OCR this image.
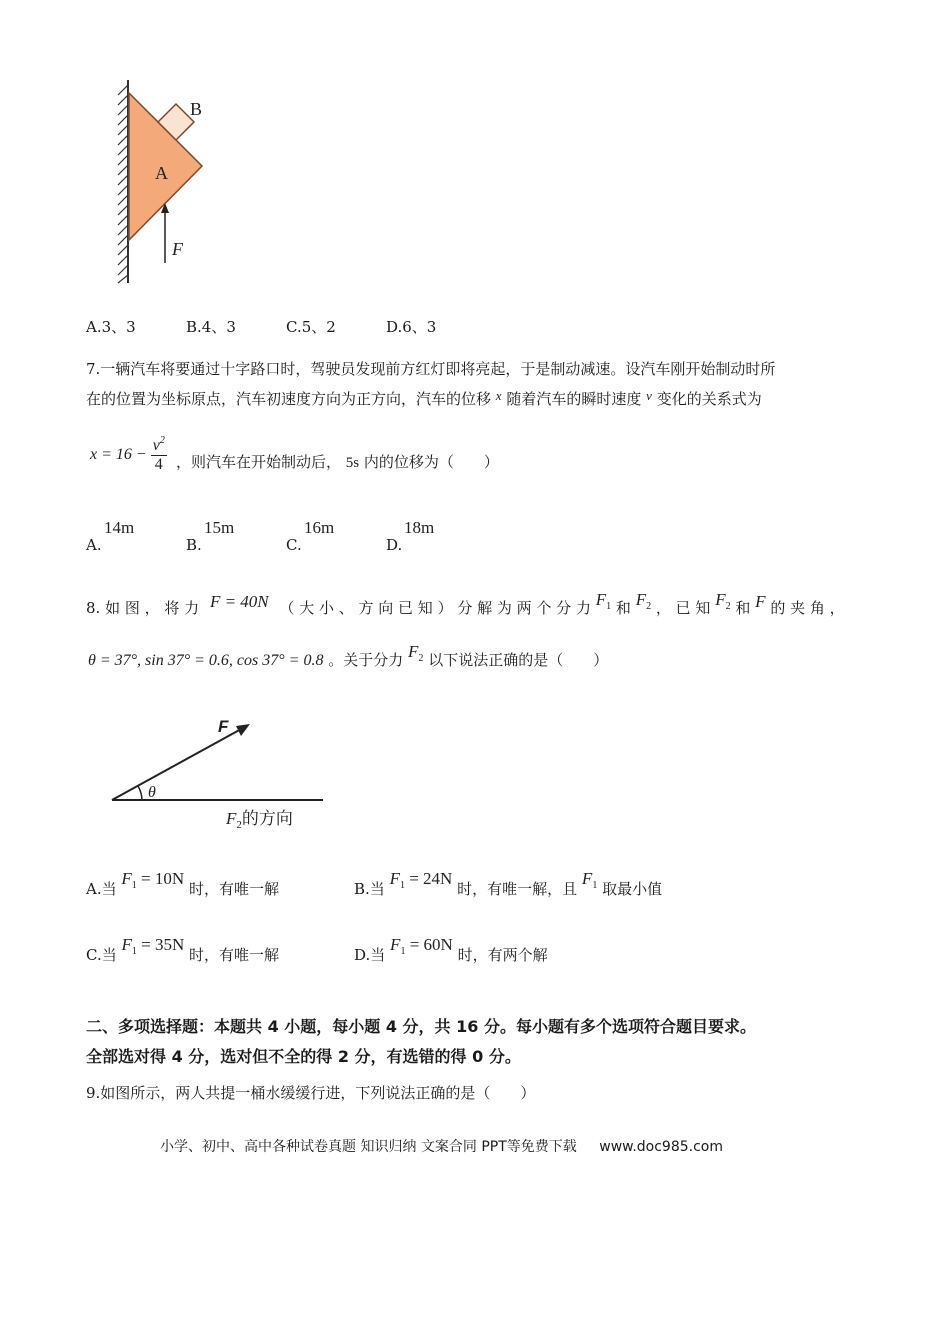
B
A
F
A.3、3	B.4、3	C.5、2	D.6、3
7.一辆汽车将要通过十字路口时，驾驶员发现前方红灯即将亮起，于是制动减速。设汽车刚开始制动时所
在的位置为坐标原点，汽车初速度方向为正方向，汽车的位移 x 随着汽车的瞬时速度 v 变化的关系式为
$x = 16 - \frac{v^2}{4}$ ，则汽车在开始制动后， 5s 内的位移为（　　）
A.
14m
B.
15m
C.
16m
D.
18m
8. 如 图 ， 将 力 F = 40N （ 大 小 、 方 向 已 知 ） 分 解 为 两 个 分 力 $F_1$ 和 $F_2$ ， 已 知 $F_2$ 和 F 的 夹 角 ，
θ = 37°, sin 37° = 0.6, cos 37° = 0.8 。关于分力 $F_2$ 以下说法正确的是（　　）
F
θ
$F_2$的方向
A.当 $F_1 = 10N$ 时，有唯一解	B.当 $F_1 = 24N$ 时，有唯一解，且 $F_1$ 取最小值
C.当 $F_1 = 35N$ 时，有唯一解	D.当 $F_1 = 60N$ 时，有两个解
二、多项选择题：本题共 4 小题，每小题 4 分，共 16 分。每小题有多个选项符合题目要求。
全部选对得 4 分，选对但不全的得 2 分，有选错的得 0 分。
9.如图所示，两人共提一桶水缓缓行进，下列说法正确的是（　　）
小学、初中、高中各种试卷真题 知识归纳 文案合同 PPT等免费下载 www.doc985.com
